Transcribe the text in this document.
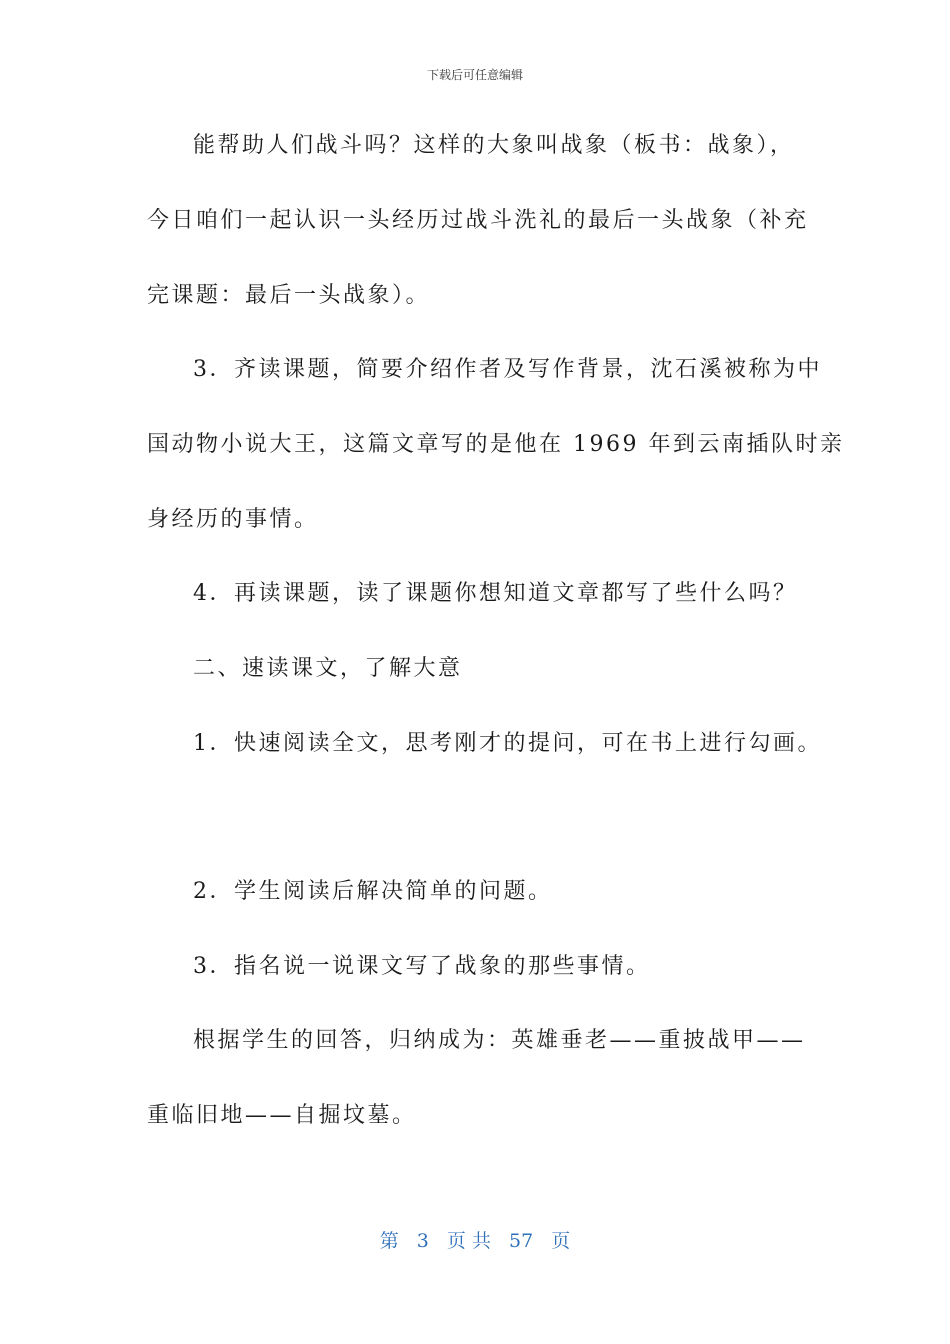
下载后可任意编辑

能帮助人们战斗吗？这样的大象叫战象（板书：战象），

今日咱们一起认识一头经历过战斗洗礼的最后一头战象（补充

完课题：最后一头战象）。

3．齐读课题，简要介绍作者及写作背景，沈石溪被称为中

国动物小说大王，这篇文章写的是他在 1969 年到云南插队时亲

身经历的事情。

4．再读课题，读了课题你想知道文章都写了些什么吗？

二、速读课文，了解大意

1．快速阅读全文，思考刚才的提问，可在书上进行勾画。

2．学生阅读后解决简单的问题。

3．指名说一说课文写了战象的那些事情。

根据学生的回答，归纳成为：英雄垂老——重披战甲——

重临旧地——自掘坟墓。

第 3 页 共 57 页
